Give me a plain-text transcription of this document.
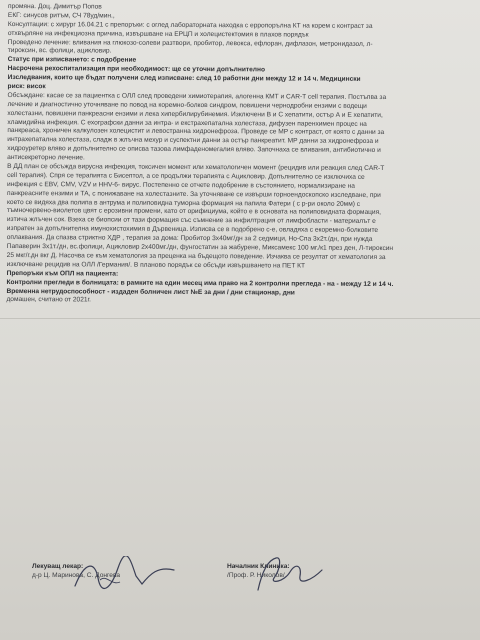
промяна. Доц. Димитър Попов
ЕКГ: синусов ритъм, СЧ 78уд/мин.,
Консултации: с хирург 16.04.21 с препоръки: с оглед лабораторната находка с ерропорълна КТ на корем с контраст за
отхвърляне на инфекциозна причина, извършване на ЕРЦП и холецистектомия в плахов порядък
Проведено лечение: вливания на глюкозо-солеви разтвори, пробитор, левокса, ефлоран, дифлазон, метронидазол, л-
тироксин, вс. фолици, ацикловир.
Статус при изписването: с подобрение
Насрочена рехоспитализация при необходимост: ще се уточни допълнително
Изследвания, които ще бъдат получени след изписване: след 10 работни дни между 12 и 14 ч. Медицински
риск: висок
Обсъждане: касае се за пациентка с ОЛЛ след проведени химиотерапия, алогенна КМТ и CAR-T cell терапия. Постъпва за
лечение и диагностично уточняване по повод на коремно-болков синдром, повишени чернодробни ензими с водещи
холестазни, повишени панкреасни ензими и лека хипербилирубинемия. Изключени В и С хепатити, остър А и Е хепатити,
хламидийна инфекция. С ехографски данни за интра- и екстрахепатална холестаза, дифузен паренхимен процес на
панкреаса, хроничен калкулозен холецистит и левостранна хидронефроза. Проведе се МР с контраст, от която с данни за
интрахепатална холестаза, сладж в жлъчна мехур и суспектни данни за остър панкреатит. МР данни за хидронефроза и
хидроуретер вляво и допълнително се описва тазова лимфаденомегалия вляво. Започнаха се вливания, антибиотично и
антисекреторно лечение.
В ДД план се обсъжда вирусна инфекция, токсичен момент или хематологичен момент (рецидив или реакция след CAR-T
cell терапия). Спря се терапията с Бисептол, а се продължи терапията с Ацикловир. Допълнително се изключиха се
инфекция с EBV, CMV, VZV и HHV-6- вирус. Постепенно се отчете подобрение в състоянието, нормализиране на
панкреасните ензими и ТА, с понижаване на холестазните. За уточняване се извърши горноендоскопско изследване, при
което се видяха два полипа в антрума и полиповидна туморна формация на папила Фатери ( с р-ри около 20мм) с
тъмночервено-виолетов цвят с ерозивни промени, като от орифициума, който е в основата на полиповидната формация,
изтича жлъчен сок. Взеха се биопсии от тази формация със съмнение за инфилтрация от лимфобласти - материалът е
изпратен за допълнителна имунохистохимия в Дървеница. Изписва се в подобрено с-е, овладяха с екоремно-болковите
оплаквания. Да спазва стриктно ХДР , терапия за дома: Пробитор 3х40мг/дн за 2 седмици, Но-Спа 3х2т./дн, при нужда
Папаверин 3х1т./дн, вс.фолици, Ацикловир 2х400мг./дн, фунгостатин за жабурене, Миксамекс 100 мг./к1 през ден, Л-тироксин
25 мкг/г.дн вкг Д. Насочва се към хематология за преценка на бъдещото поведение. Изчаква се резултат от хематология за
изключване рецидив на ОЛЛ /Германия/. В плановo порядък се обсъди извършването на ПЕТ КТ
Препоръки към ОПЛ на пациента:
Контролни прегледи в болницата: в рамките на един месец има право на 2 контролни прегледа - на - между 12 и 14 ч.
Временна нетрудоспособност - издаден болничен лист №Е за дни / дни стационар, дни
домашен, считано от 2021г.
Лекуващ лекар:
д-р Ц. Маринова, С. Донгева
Началник Клиника:
/Проф. Р. Николов/
